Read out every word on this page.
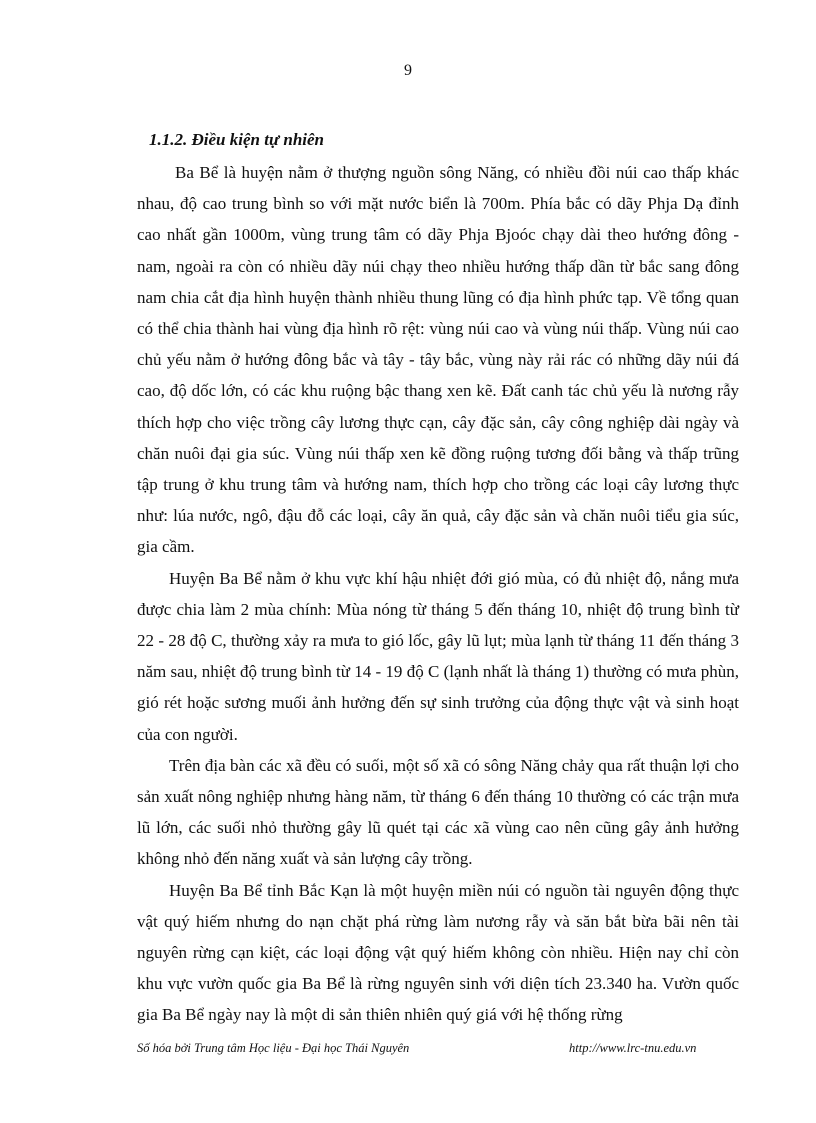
9
1.1.2. Điều kiện tự nhiên

Ba Bể là huyện nằm ở thượng nguồn sông Năng, có nhiều đồi núi cao thấp khác nhau, độ cao trung bình so với mặt nước biển là 700m. Phía bắc có dãy Phja Dạ đỉnh cao nhất gần 1000m, vùng trung tâm có dãy Phja Bjoóc chạy dài theo hướng đông - nam, ngoài ra còn có nhiều dãy núi chạy theo nhiều hướng thấp dần từ bắc sang đông nam chia cắt địa hình huyện thành nhiều thung lũng có địa hình phức tạp. Về tổng quan có thể chia thành hai vùng địa hình rõ rệt: vùng núi cao và vùng núi thấp. Vùng núi cao chủ yếu nằm ở hướng đông bắc và tây - tây bắc, vùng này rải rác có những dãy núi đá cao, độ dốc lớn, có các khu ruộng bậc thang xen kẽ. Đất canh tác chủ yếu là nương rẫy thích hợp cho việc trồng cây lương thực cạn, cây đặc sản, cây công nghiệp dài ngày và chăn nuôi đại gia súc. Vùng núi thấp xen kẽ đồng ruộng tương đối bằng và thấp trũng tập trung ở khu trung tâm và hướng nam, thích hợp cho trồng các loại cây lương thực như: lúa nước, ngô, đậu đỗ các loại, cây ăn quả, cây đặc sản và chăn nuôi tiểu gia súc, gia cầm.

Huyện Ba Bể nằm ở khu vực khí hậu nhiệt đới gió mùa, có đủ nhiệt độ, nắng mưa được chia làm 2 mùa chính: Mùa nóng từ tháng 5 đến tháng 10, nhiệt độ trung bình từ 22 - 28 độ C, thường xảy ra mưa to gió lốc, gây lũ lụt; mùa lạnh từ tháng 11 đến tháng 3 năm sau, nhiệt độ trung bình từ 14 - 19 độ C (lạnh nhất là tháng 1) thường có mưa phùn, gió rét hoặc sương muối ảnh hưởng đến sự sinh trưởng của động thực vật và sinh hoạt của con người.

Trên địa bàn các xã đều có suối, một số xã có sông Năng chảy qua rất thuận lợi cho sản xuất nông nghiệp nhưng hàng năm, từ tháng 6 đến tháng 10 thường có các trận mưa lũ lớn, các suối nhỏ thường gây lũ quét tại các xã vùng cao nên cũng gây ảnh hưởng không nhỏ đến năng xuất và sản lượng cây trồng.

Huyện Ba Bể tỉnh Bắc Kạn là một huyện miền núi có nguồn tài nguyên động thực vật quý hiếm nhưng do nạn chặt phá rừng làm nương rẫy và săn bắt bừa bãi nên tài nguyên rừng cạn kiệt, các loại động vật quý hiếm không còn nhiều. Hiện nay chỉ còn khu vực vườn quốc gia Ba Bể là rừng nguyên sinh với diện tích 23.340 ha. Vườn quốc gia Ba Bể ngày nay là một di sản thiên nhiên quý giá với hệ thống rừng

Số hóa bởi Trung tâm Học liệu - Đại học Thái Nguyên	http://www.lrc-tnu.edu.vn
